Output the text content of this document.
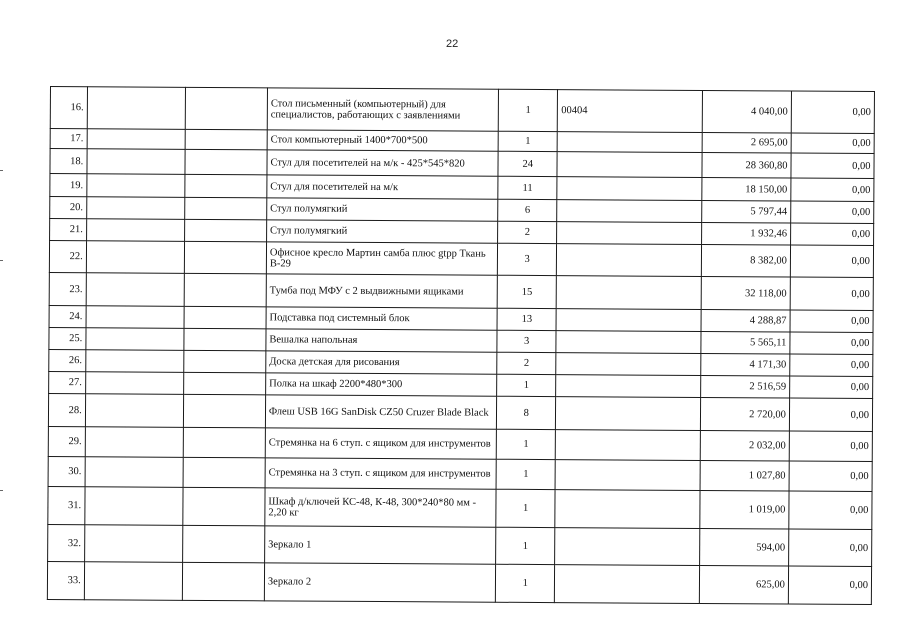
22
16.			Стол письменный (компьютерный) для специалистов, работающих с заявлениями	1	00404	4 040,00	0,00
17.			Стол компьютерный 1400*700*500	1		2 695,00	0,00
18.			Стул для посетителей на м/к - 425*545*820	24		28 360,80	0,00
19.			Стул для посетителей на м/к	11		18 150,00	0,00
20.			Стул полумягкий	6		5 797,44	0,00
21.			Стул полумягкий	2		1 932,46	0,00
22.			Офисное кресло Мартин самба плюс gtpp Ткань В-29	3		8 382,00	0,00
23.			Тумба под МФУ с 2 выдвижными ящиками	15		32 118,00	0,00
24.			Подставка под системный блок	13		4 288,87	0,00
25.			Вешалка напольная	3		5 565,11	0,00
26.			Доска детская для рисования	2		4 171,30	0,00
27.			Полка на шкаф 2200*480*300	1		2 516,59	0,00
28.			Флеш USB 16G SanDisk CZ50 Cruzer Blade Black	8		2 720,00	0,00
29.			Стремянка на 6 ступ. с ящиком для инструментов	1		2 032,00	0,00
30.			Стремянка на 3 ступ. с ящиком для инструментов	1		1 027,80	0,00
31.			Шкаф д/ключей КС-48, К-48, 300*240*80 мм - 2,20 кг	1		1 019,00	0,00
32.			Зеркало 1	1		594,00	0,00
33.			Зеркало 2	1		625,00	0,00
